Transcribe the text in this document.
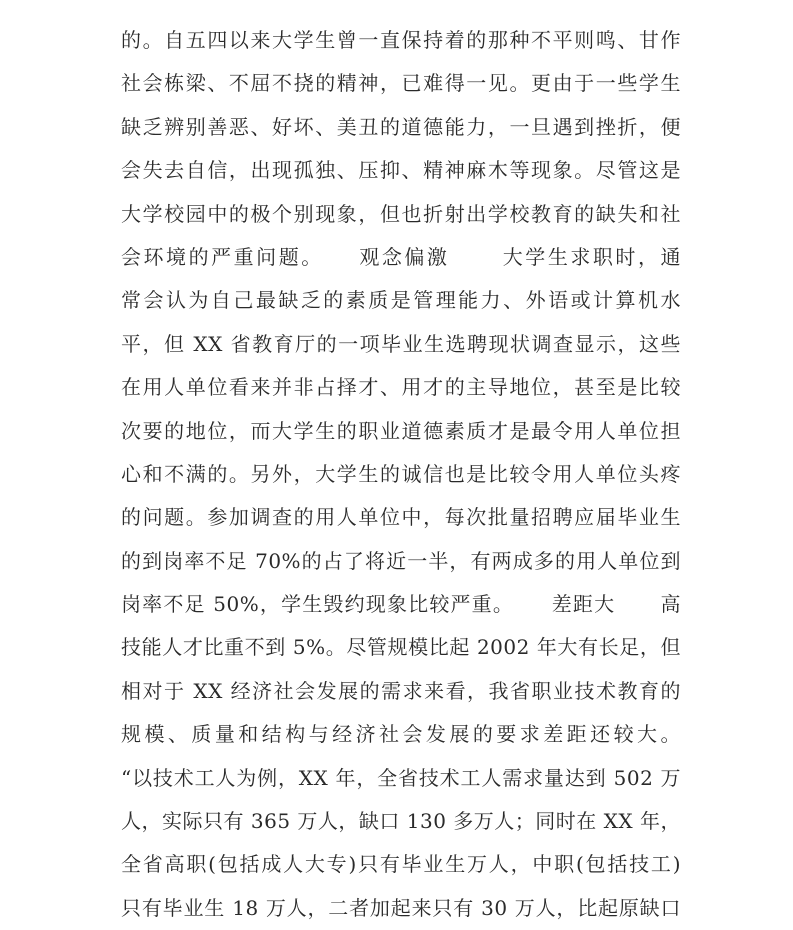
的。自五四以来大学生曾一直保持着的那种不平则鸣、甘作
社会栋梁、不屈不挠的精神，已难得一见。更由于一些学生
缺乏辨别善恶、好坏、美丑的道德能力，一旦遇到挫折，便
会失去自信，出现孤独、压抑、精神麻木等现象。尽管这是
大学校园中的极个别现象，但也折射出学校教育的缺失和社
会环境的严重问题。    观念偏激      大学生求职时，通
常会认为自己最缺乏的素质是管理能力、外语或计算机水
平，但 XX 省教育厅的一项毕业生选聘现状调查显示，这些
在用人单位看来并非占择才、用才的主导地位，甚至是比较
次要的地位，而大学生的职业道德素质才是最令用人单位担
心和不满的。另外，大学生的诚信也是比较令用人单位头疼
的问题。参加调查的用人单位中，每次批量招聘应届毕业生
的到岗率不足 70%的占了将近一半，有两成多的用人单位到
岗率不足 50%，学生毁约现象比较严重。     差距大      高
技能人才比重不到 5%。尽管规模比起 2002 年大有长足，但
相对于 XX 经济社会发展的需求来看，我省职业技术教育的
规模、质量和结构与经济社会发展的要求差距还较大。
“以技术工人为例，XX 年，全省技术工人需求量达到 502 万
人，实际只有 365 万人，缺口 130 多万人；同时在 XX 年，
全省高职(包括成人大专)只有毕业生万人，中职(包括技工)
只有毕业生 18 万人，二者加起来只有 30 万人，比起原缺口
